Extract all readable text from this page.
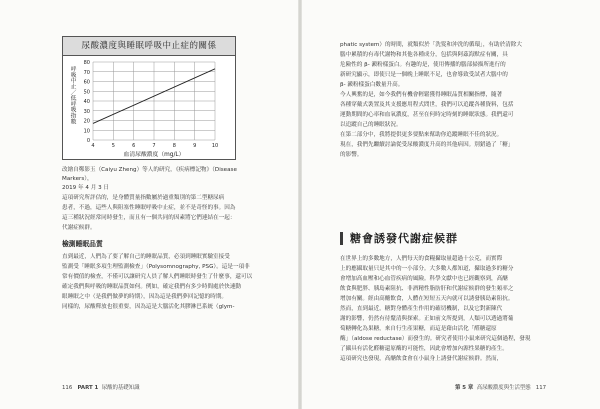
尿酸濃度與睡眠呼吸中止症的關係
0
10
20
30
40
50
60
70
80
4	5	6	7	8	9	10
呼吸中止／低呼吸指數
血清尿酸濃度（mg/L）
改繪自鄭影玉（Caiyu Zheng）等人的研究，《疾病標記物》（Disease Markers），
2019 年 4 月 3 日
這項研究所評估的，是身體質量指數屬於過重類別的第二型糖尿病
患者，不過，這些人與阻塞性睡眠呼吸中止症，並不是奇怪的事。因為
這三種狀況經常同時發生，而且有一個共同的因素將它們連結在一起：
代謝症候群。
檢測睡眠品質
直到最近，人們為了要了解自己的睡眠品質，必須到睡眠實驗室接受
監測受「睡眠多項生理監測檢查」（Polysomnography, PSG）。這是一項非
常有價值的檢查，不僅可以讓研究人員了解人們睡眠時發生了什麼事，還可以
確定我們與呼吸的睡眠品質如何。例如，確定我們有多少時間處於快速動
眼睡眠之中（是我們做夢的時期），因為這是我們夢回記憶的時期。
同樣的，尿酸釋放也很重要，因為這是大腦活化其膠淋巴系統（glym-
116 PART 1 尿酸的基礎知識
phatic system）的時間，就類似於「洗髮和沖洗的循環」，有助於清除大
腦中累積的有毒代謝物和其他各種成分，包括與阿茲海默症有關，具
危險性的 β- 澱粉樣蛋白。有趣的是，使用傳播的腦部掃描所進行的
新研究顯示，即使只是一個晚上睡眠不足，也會導致受試者大腦中的
β- 澱粉樣蛋白數量升高。
今人興奮的是，如今我們有機會輕鬆獲得睡眠品質相關指標，隨著
各種穿戴式裝置及其支援應用程式問世，我們可以追蹤各種資料，包括
運動期間的心率和血氧濃度，甚至在何時定時刻的睡眠狀態。我們還可
以追蹤自己的睡眠狀況。
在第二部分中，我將提供更多要點來幫助你追蹤睡眠不佳的狀況。
現在，我們先繼續討論從受尿酸濃度升高的其他病因。別錯過了「糖」
的影響。
糖會誘發代謝症候群
在世界上的多數地方，人們每天的食糧攝取量超過十公克，而實際
上的應攝取量只是其中的一小部分。大多數人都知道，攝取過多的糖分
會增加高血壓和心血管疾病的風險。科學文獻中也已經觀察到，高醣
飲食與肥胖、胰島素阻抗、非酒精性脂肪肝和代謝症候群的發生頻率之
增加有關。經由高醣飲食，人體在短短五天內就可以誘發胰島素阻抗。
然而，直到最近，糖對身體產生作用的確切機制，以及它對新陳代
謝的影響，仍然有待釐清與探索。正如前文所提到，人類可以透過將葡
萄糖轉化為果糖，來自行生產果糖，而這是藉由活化「醛糖還原
酶」（aldose reductase）而發生的。研究者使用小鼠來研究這個過程，發現
了攝具有活化醛糖還原酶的可能性，因此會增加內源性果糖的產生。
這項研究也發現，高醣飲食會在小鼠身上誘發代謝症候群。然而，
第 5 章 高尿酸濃度與生活型態 117
